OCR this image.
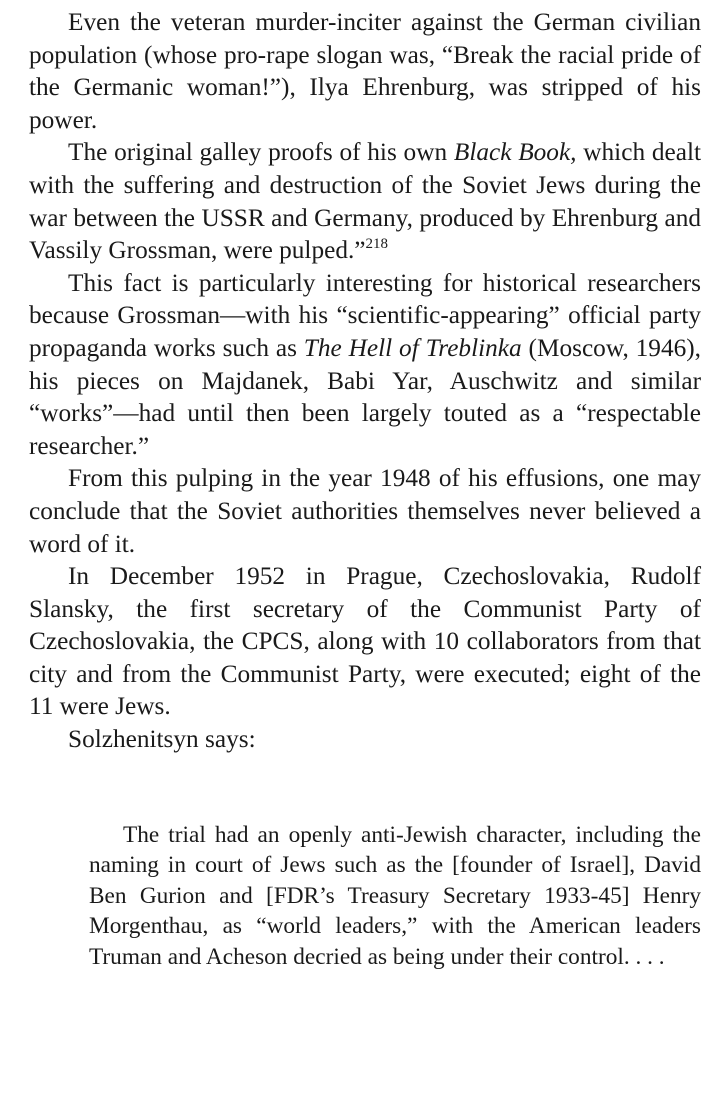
Even the veteran murder-inciter against the German civilian population (whose pro-rape slogan was, “Break the racial pride of the Germanic woman!”), Ilya Ehrenburg, was stripped of his power.

The original galley proofs of his own Black Book, which dealt with the suffering and destruction of the Soviet Jews during the war between the USSR and Germany, produced by Ehrenburg and Vassily Grossman, were pulped.”$^{218}$

This fact is particularly interesting for historical researchers because Grossman—with his “scientific-appearing” official party propaganda works such as The Hell of Treblinka (Moscow, 1946), his pieces on Majdanek, Babi Yar, Auschwitz and similar “works”—had until then been largely touted as a “respectable researcher.”

From this pulping in the year 1948 of his effusions, one may conclude that the Soviet authorities themselves never believed a word of it.

In December 1952 in Prague, Czechoslovakia, Rudolf Slansky, the first secretary of the Communist Party of Czechoslovakia, the CPCS, along with 10 collaborators from that city and from the Communist Party, were executed; eight of the 11 were Jews.

Solzhenitsyn says:

The trial had an openly anti-Jewish character, including the naming in court of Jews such as the [founder of Israel], David Ben Gurion and [FDR’s Treasury Secretary 1933-45] Henry Morgenthau, as “world leaders,” with the American leaders Truman and Acheson decried as being under their control. . . .
